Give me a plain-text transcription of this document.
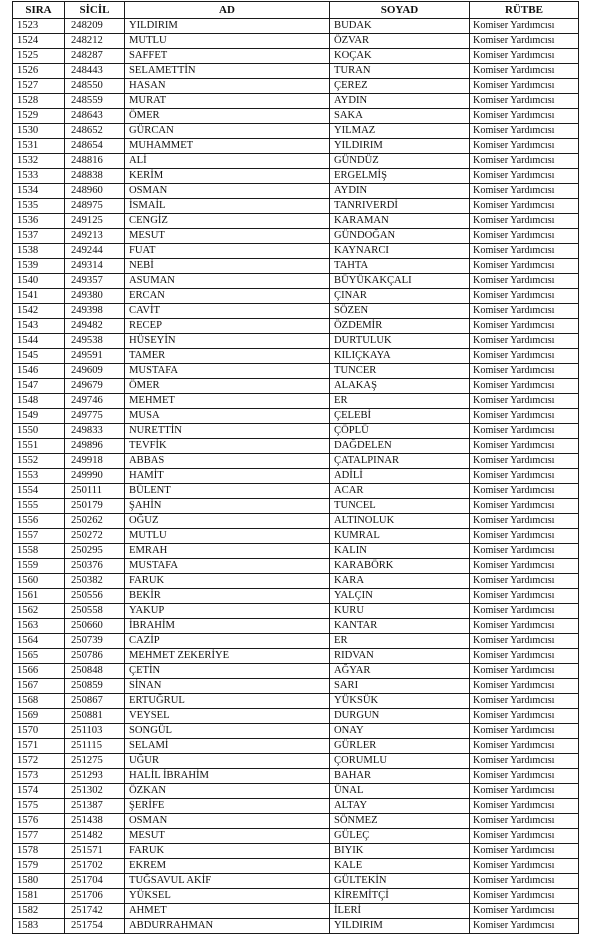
SIRA	SİCİL	AD	SOYAD	RÜTBE
1523	248209	YILDIRIM	BUDAK	Komiser Yardımcısı
1524	248212	MUTLU	ÖZVAR	Komiser Yardımcısı
1525	248287	SAFFET	KOÇAK	Komiser Yardımcısı
1526	248443	SELAMETTİN	TURAN	Komiser Yardımcısı
1527	248550	HASAN	ÇEREZ	Komiser Yardımcısı
1528	248559	MURAT	AYDIN	Komiser Yardımcısı
1529	248643	ÖMER	SAKA	Komiser Yardımcısı
1530	248652	GÜRCAN	YILMAZ	Komiser Yardımcısı
1531	248654	MUHAMMET	YILDIRIM	Komiser Yardımcısı
1532	248816	ALİ	GÜNDÜZ	Komiser Yardımcısı
1533	248838	KERİM	ERGELMİŞ	Komiser Yardımcısı
1534	248960	OSMAN	AYDIN	Komiser Yardımcısı
1535	248975	İSMAİL	TANRIVERDİ	Komiser Yardımcısı
1536	249125	CENGİZ	KARAMAN	Komiser Yardımcısı
1537	249213	MESUT	GÜNDOĞAN	Komiser Yardımcısı
1538	249244	FUAT	KAYNARCI	Komiser Yardımcısı
1539	249314	NEBİ	TAHTA	Komiser Yardımcısı
1540	249357	ASUMAN	BÜYÜKAKÇALI	Komiser Yardımcısı
1541	249380	ERCAN	ÇINAR	Komiser Yardımcısı
1542	249398	CAVİT	SÖZEN	Komiser Yardımcısı
1543	249482	RECEP	ÖZDEMİR	Komiser Yardımcısı
1544	249538	HÜSEYİN	DURTULUK	Komiser Yardımcısı
1545	249591	TAMER	KILIÇKAYA	Komiser Yardımcısı
1546	249609	MUSTAFA	TUNCER	Komiser Yardımcısı
1547	249679	ÖMER	ALAKAŞ	Komiser Yardımcısı
1548	249746	MEHMET	ER	Komiser Yardımcısı
1549	249775	MUSA	ÇELEBİ	Komiser Yardımcısı
1550	249833	NURETTİN	ÇÖPLÜ	Komiser Yardımcısı
1551	249896	TEVFİK	DAĞDELEN	Komiser Yardımcısı
1552	249918	ABBAS	ÇATALPINAR	Komiser Yardımcısı
1553	249990	HAMİT	ADİLİ	Komiser Yardımcısı
1554	250111	BÜLENT	ACAR	Komiser Yardımcısı
1555	250179	ŞAHİN	TUNCEL	Komiser Yardımcısı
1556	250262	OĞUZ	ALTINOLUK	Komiser Yardımcısı
1557	250272	MUTLU	KUMRAL	Komiser Yardımcısı
1558	250295	EMRAH	KALIN	Komiser Yardımcısı
1559	250376	MUSTAFA	KARABÖRK	Komiser Yardımcısı
1560	250382	FARUK	KARA	Komiser Yardımcısı
1561	250556	BEKİR	YALÇIN	Komiser Yardımcısı
1562	250558	YAKUP	KURU	Komiser Yardımcısı
1563	250660	İBRAHİM	KANTAR	Komiser Yardımcısı
1564	250739	CAZİP	ER	Komiser Yardımcısı
1565	250786	MEHMET ZEKERİYE	RIDVAN	Komiser Yardımcısı
1566	250848	ÇETİN	AĞYAR	Komiser Yardımcısı
1567	250859	SİNAN	SARI	Komiser Yardımcısı
1568	250867	ERTUĞRUL	YÜKSÜK	Komiser Yardımcısı
1569	250881	VEYSEL	DURGUN	Komiser Yardımcısı
1570	251103	SONGÜL	ONAY	Komiser Yardımcısı
1571	251115	SELAMİ	GÜRLER	Komiser Yardımcısı
1572	251275	UĞUR	ÇORUMLU	Komiser Yardımcısı
1573	251293	HALİL İBRAHİM	BAHAR	Komiser Yardımcısı
1574	251302	ÖZKAN	ÜNAL	Komiser Yardımcısı
1575	251387	ŞERİFE	ALTAY	Komiser Yardımcısı
1576	251438	OSMAN	SÖNMEZ	Komiser Yardımcısı
1577	251482	MESUT	GÜLEÇ	Komiser Yardımcısı
1578	251571	FARUK	BIYIK	Komiser Yardımcısı
1579	251702	EKREM	KALE	Komiser Yardımcısı
1580	251704	TUĞSAVUL AKİF	GÜLTEKİN	Komiser Yardımcısı
1581	251706	YÜKSEL	KİREMİTÇİ	Komiser Yardımcısı
1582	251742	AHMET	İLERİ	Komiser Yardımcısı
1583	251754	ABDURRAHMAN	YILDIRIM	Komiser Yardımcısı
